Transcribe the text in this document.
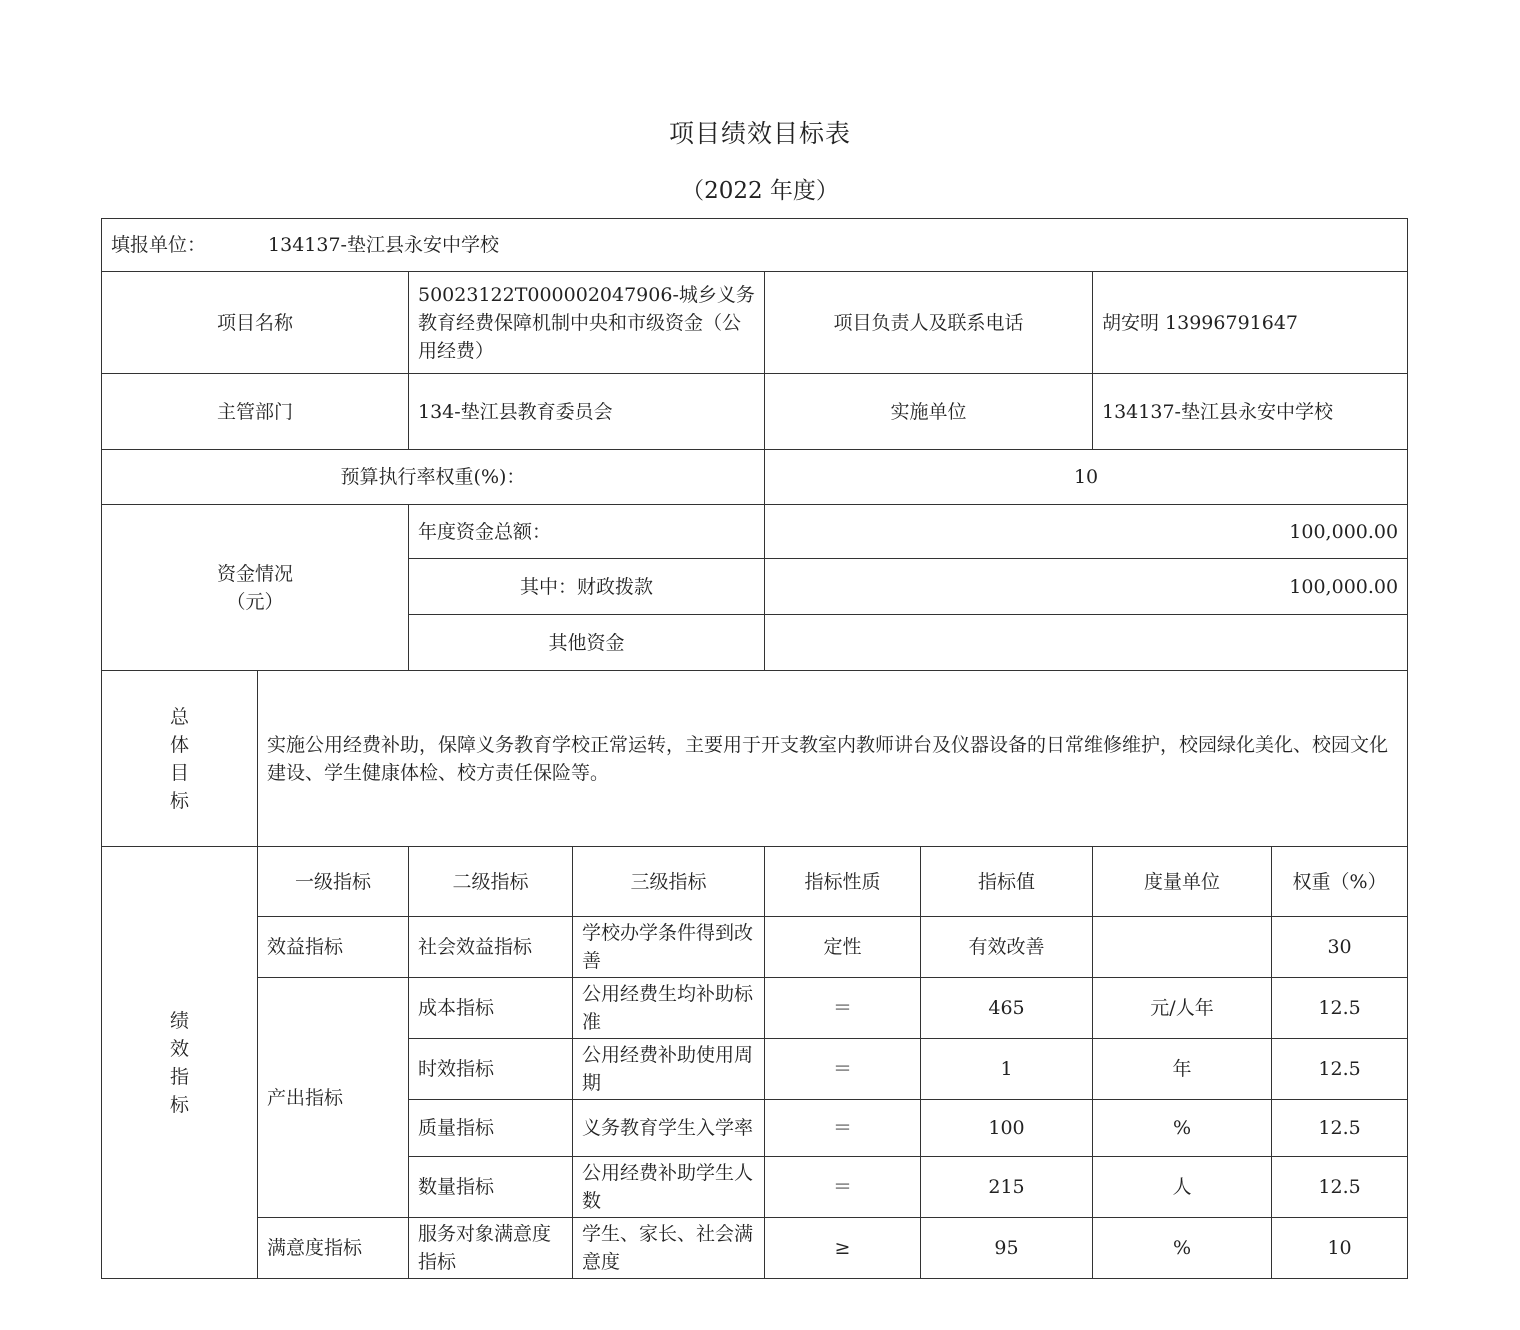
项目绩效目标表
（2022 年度）
填报单位： 134137-垫江县永安中学校							
项目名称		50023122T000002047906-城乡义务教育经费保障机制中央和市级资金（公用经费）		项目负责人及联系电话		胡安明 13996791647	
主管部门		134-垫江县教育委员会		实施单位		134137-垫江县永安中学校	
预算执行率权重(%)：				10			

资金情况
（元）		年度资金总额：		100,000.00			
		其中：财政拨款		100,000.00			
		其他资金					

总
体
目
标	实施公用经费补助，保障义务教育学校正常运转，主要用于开支教室内教师讲台及仪器设备的日常维修维护，校园绿化美化、校园文化建设、学生健康体检、校方责任保险等。						

绩
效
指
标	一级指标	二级指标	三级指标	指标性质	指标值	度量单位	权重（%）
	效益指标	社会效益指标	学校办学条件得到改善	定性	有效改善		30
	产出指标	成本指标	公用经费生均补助标准	＝	465	元/人年	12.5
		时效指标	公用经费补助使用周期	＝	1	年	12.5
		质量指标	义务教育学生入学率	＝	100	%	12.5
		数量指标	公用经费补助学生人数	＝	215	人	12.5
	满意度指标	服务对象满意度指标	学生、家长、社会满意度	≥	95	%	10
